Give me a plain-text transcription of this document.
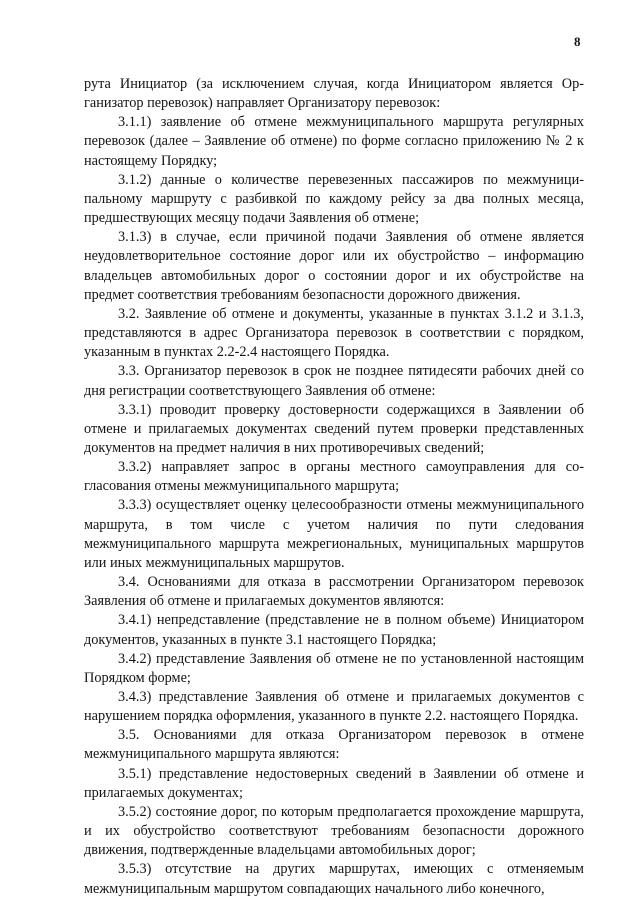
8

рута Инициатор (за исключением случая, когда Инициатором является Организатор перевозок) направляет Организатору перевозок:

3.1.1) заявление об отмене межмуниципального маршрута регулярных перевозок (далее – Заявление об отмене) по форме согласно приложению № 2 к настоящему Порядку;

3.1.2) данные о количестве перевезенных пассажиров по межмуниципальному маршруту с разбивкой по каждому рейсу за два полных месяца, предшествующих месяцу подачи Заявления об отмене;

3.1.3) в случае, если причиной подачи Заявления об отмене является неудовлетворительное состояние дорог или их обустройство – информацию владельцев автомобильных дорог о состоянии дорог и их обустройстве на предмет соответствия требованиям безопасности дорожного движения.

3.2. Заявление об отмене и документы, указанные в пунктах 3.1.2 и 3.1.3, представляются в адрес Организатора перевозок в соответствии с порядком, указанным в пунктах 2.2-2.4 настоящего Порядка.

3.3. Организатор перевозок в срок не позднее пятидесяти рабочих дней со дня регистрации соответствующего Заявления об отмене:

3.3.1) проводит проверку достоверности содержащихся в Заявлении об отмене и прилагаемых документах сведений путем проверки представленных документов на предмет наличия в них противоречивых сведений;

3.3.2) направляет запрос в органы местного самоуправления для согласования отмены межмуниципального маршрута;

3.3.3) осуществляет оценку целесообразности отмены межмуниципального маршрута, в том числе с учетом наличия по пути следования межмуниципального маршрута межрегиональных, муниципальных маршрутов или иных межмуниципальных маршрутов.

3.4. Основаниями для отказа в рассмотрении Организатором перевозок Заявления об отмене и прилагаемых документов являются:

3.4.1) непредставление (представление не в полном объеме) Инициатором документов, указанных в пункте 3.1 настоящего Порядка;

3.4.2) представление Заявления об отмене не по установленной настоящим Порядком форме;

3.4.3) представление Заявления об отмене и прилагаемых документов с нарушением порядка оформления, указанного в пункте 2.2. настоящего Порядка.

3.5. Основаниями для отказа Организатором перевозок в отмене межмуниципального маршрута являются:

3.5.1) представление недостоверных сведений в Заявлении об отмене и прилагаемых документах;

3.5.2) состояние дорог, по которым предполагается прохождение маршрута, и их обустройство соответствуют требованиям безопасности дорожного движения, подтвержденные владельцами автомобильных дорог;

3.5.3) отсутствие на других маршрутах, имеющих с отменяемым межмуниципальным маршрутом совпадающих начального либо конечного,
